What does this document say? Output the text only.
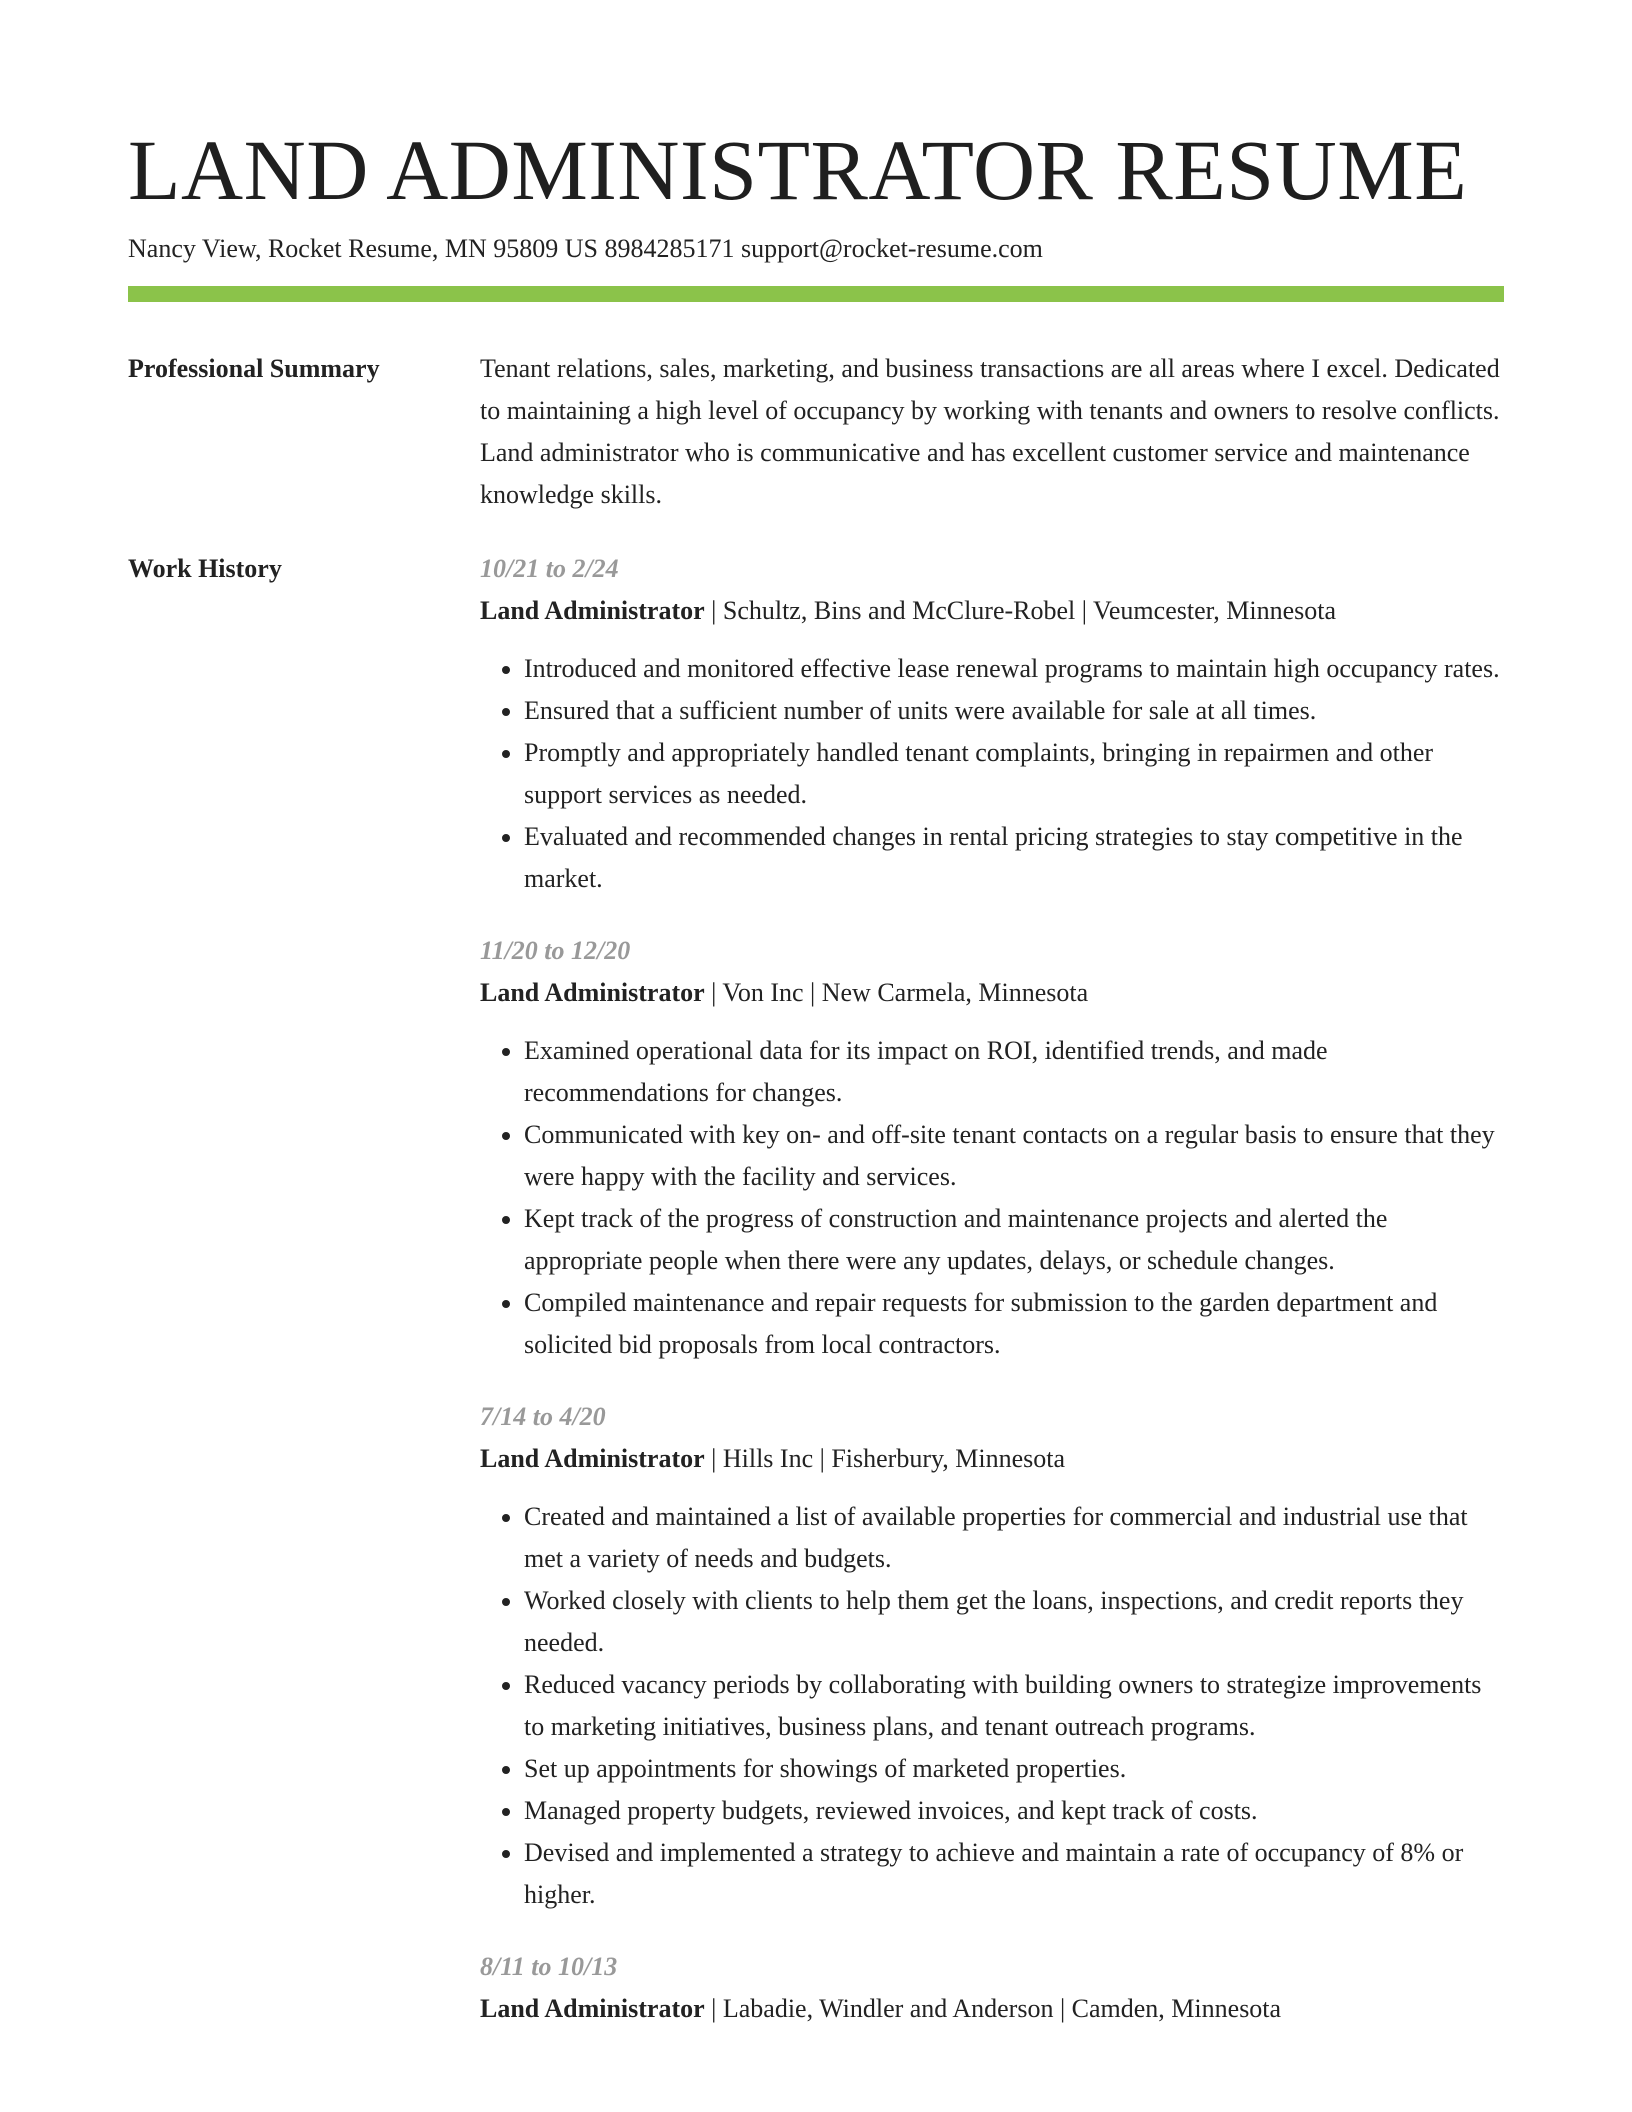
LAND ADMINISTRATOR RESUME
Nancy View, Rocket Resume, MN 95809 US 8984285171 support@rocket-resume.com
Professional Summary	Tenant relations, sales, marketing, and business transactions are all areas where I excel. Dedicated to maintaining a high level of occupancy by working with tenants and owners to resolve conflicts. Land administrator who is communicative and has excellent customer service and maintenance knowledge skills.

Work History	10/21 to 2/24
Land Administrator | Schultz, Bins and McClure-Robel | Veumcester, Minnesota
• Introduced and monitored effective lease renewal programs to maintain high occupancy rates.
• Ensured that a sufficient number of units were available for sale at all times.
• Promptly and appropriately handled tenant complaints, bringing in repairmen and other support services as needed.
• Evaluated and recommended changes in rental pricing strategies to stay competitive in the market.
11/20 to 12/20
Land Administrator | Von Inc | New Carmela, Minnesota
• Examined operational data for its impact on ROI, identified trends, and made recommendations for changes.
• Communicated with key on- and off-site tenant contacts on a regular basis to ensure that they were happy with the facility and services.
• Kept track of the progress of construction and maintenance projects and alerted the appropriate people when there were any updates, delays, or schedule changes.
• Compiled maintenance and repair requests for submission to the garden department and solicited bid proposals from local contractors.
7/14 to 4/20
Land Administrator | Hills Inc | Fisherbury, Minnesota
• Created and maintained a list of available properties for commercial and industrial use that met a variety of needs and budgets.
• Worked closely with clients to help them get the loans, inspections, and credit reports they needed.
• Reduced vacancy periods by collaborating with building owners to strategize improvements to marketing initiatives, business plans, and tenant outreach programs.
• Set up appointments for showings of marketed properties.
• Managed property budgets, reviewed invoices, and kept track of costs.
• Devised and implemented a strategy to achieve and maintain a rate of occupancy of 8% or higher.
8/11 to 10/13
Land Administrator | Labadie, Windler and Anderson | Camden, Minnesota
